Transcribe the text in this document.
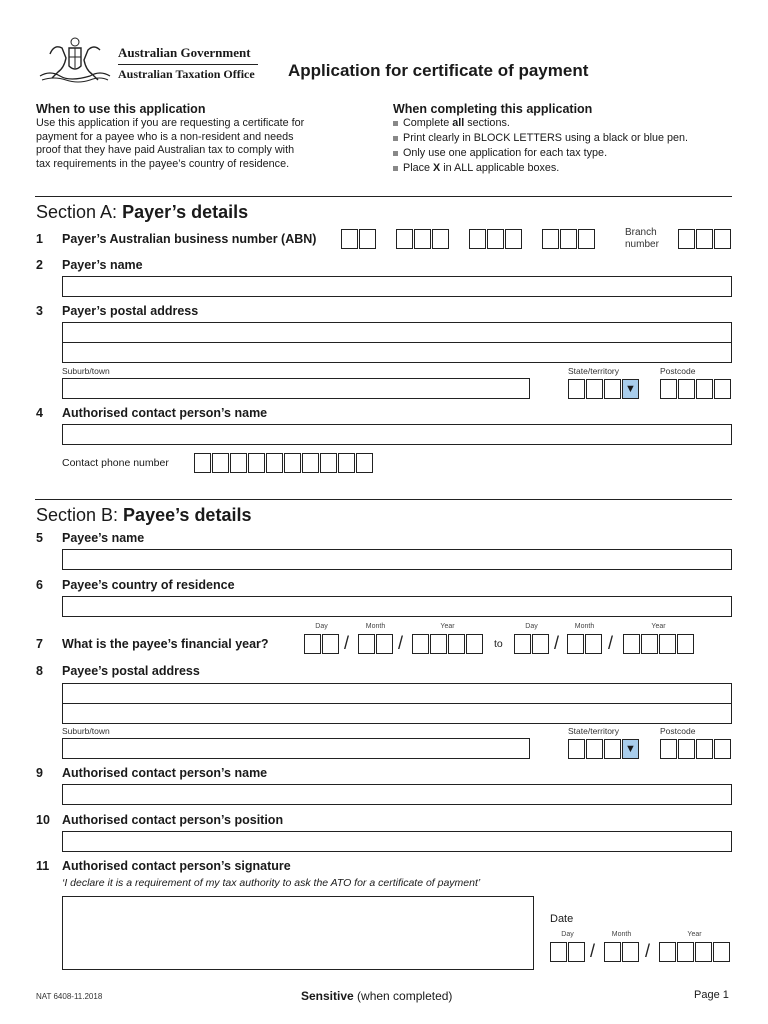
Australian Government
Australian Taxation Office Application for certificate of payment
When to use this application
Use this application if you are requesting a certificate for
payment for a payee who is a non-resident and needs
proof that they have paid Australian tax to comply with
tax requirements in the payee’s country of residence.
When completing this application
Complete all sections.
Print clearly in BLOCK LETTERS using a black or blue pen.
Only use one application for each tax type.
Place X in ALL applicable boxes.
Section A: Payer’s details
1 Payer’s Australian business number (ABN)	Branch
number
2 Payer’s name
3 Payer’s postal address
Suburb/town	State/territory	Postcode
▼
4 Authorised contact person’s name
Contact phone number
Section B: Payee’s details
5 Payee’s name
6 Payee’s country of residence
7 What is the payee’s financial year?
Day	Month	Year
/	/	to
Day	Month	Year
/	/
8 Payee’s postal address
Suburb/town	State/territory	Postcode
▼
9 Authorised contact person’s name
10 Authorised contact person’s position
11 Authorised contact person’s signature
‘I declare it is a requirement of my tax authority to ask the ATO for a certificate of payment’
Date
Day	Month	Year
/	/
NAT 6408-11.2018	Sensitive (when completed)	Page 1
